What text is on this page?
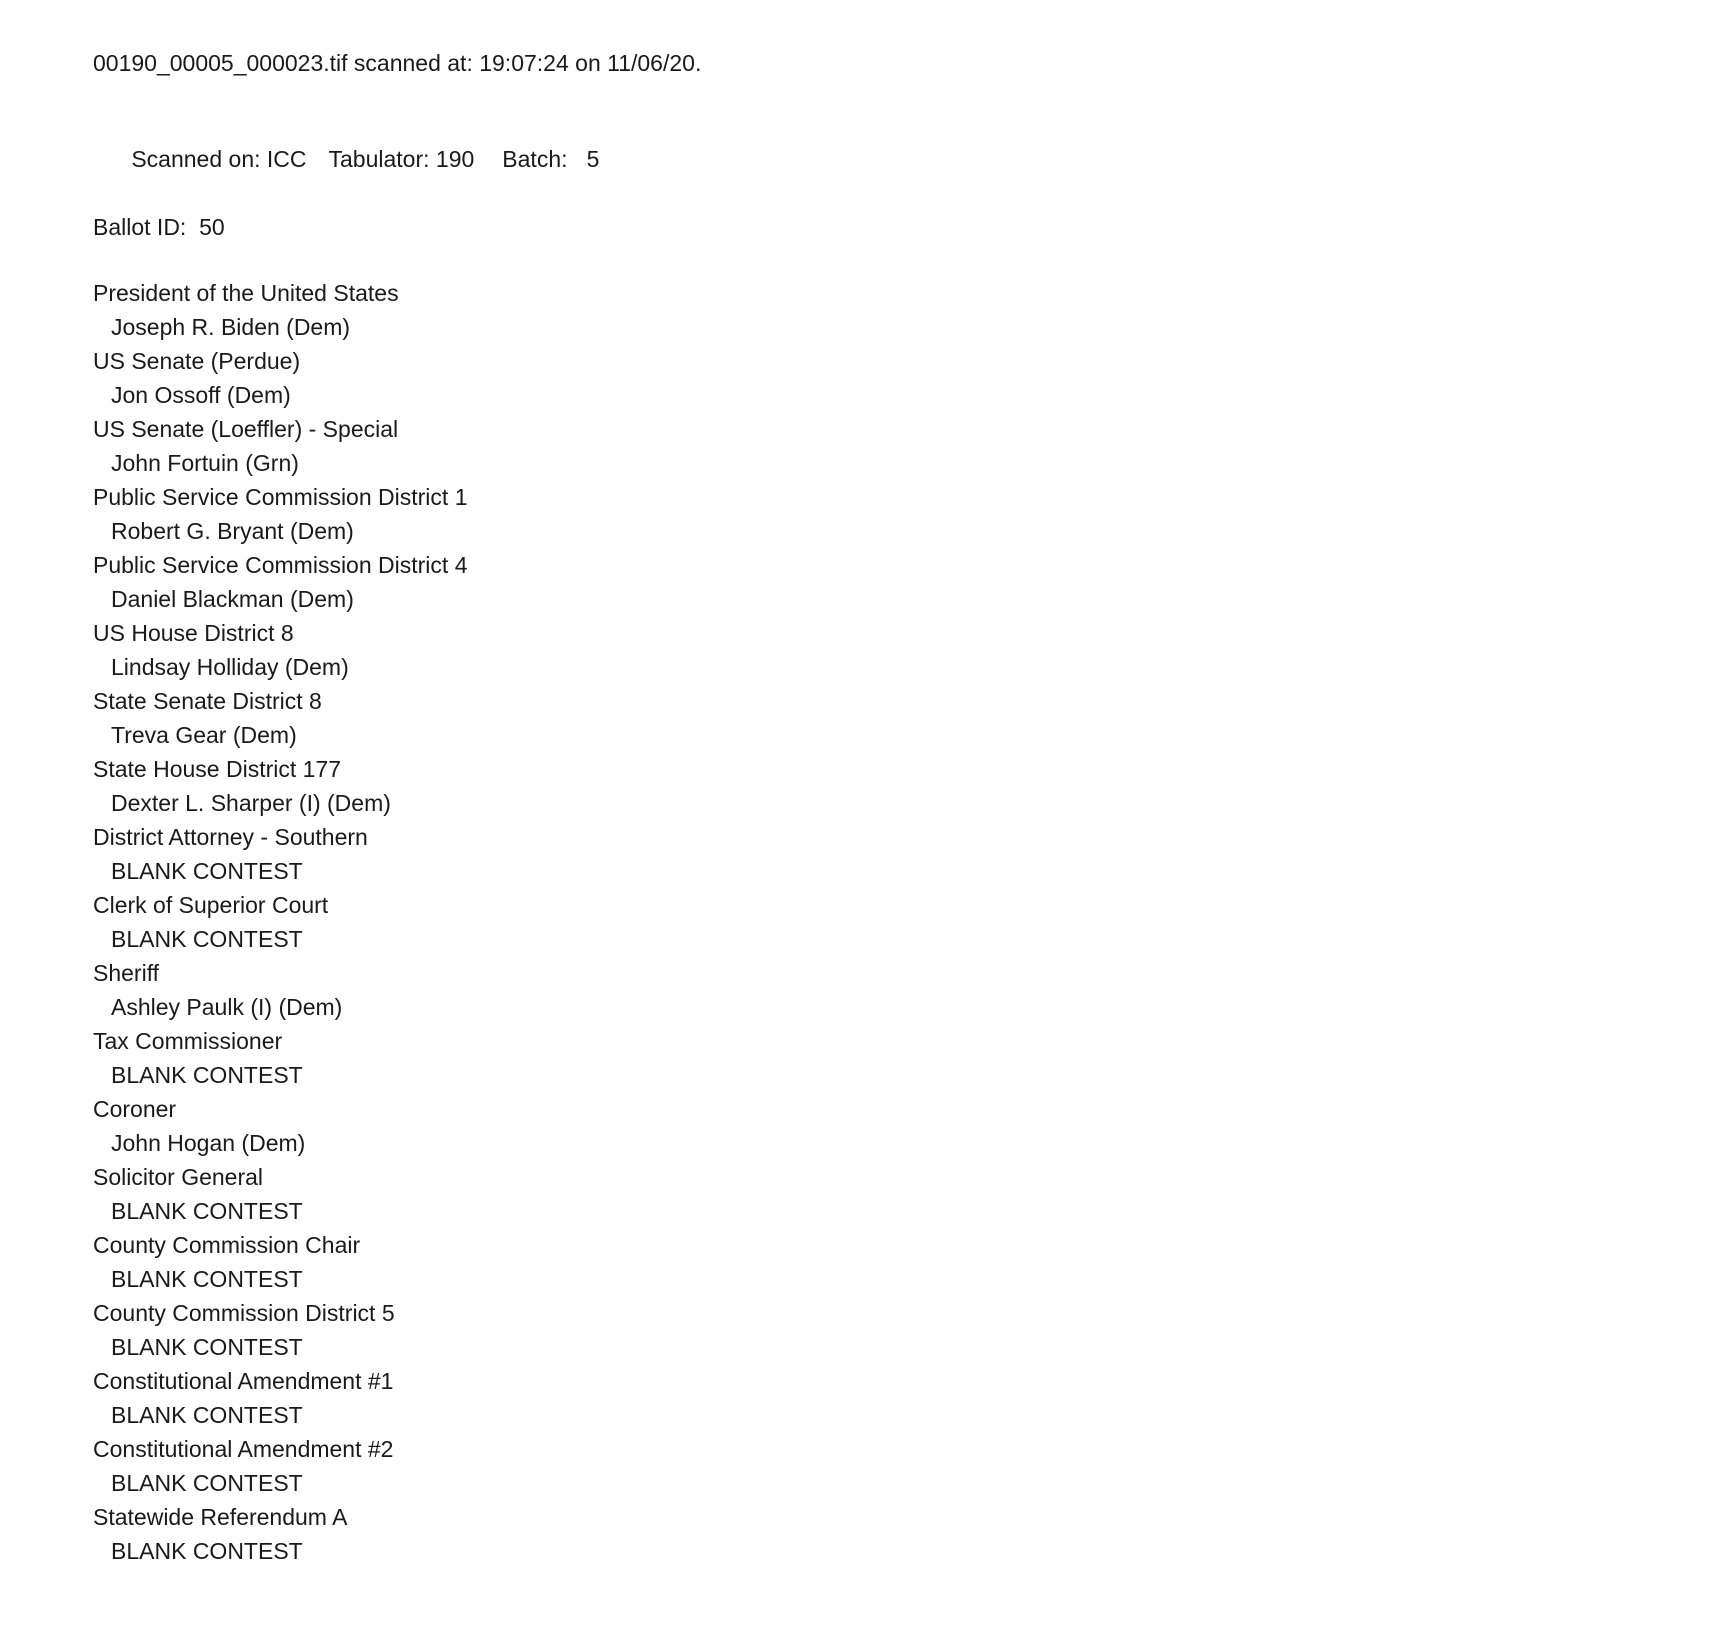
00190_00005_000023.tif scanned at: 19:07:24 on 11/06/20.

Scanned on: ICC Tabulator: 190 Batch:   5

Ballot ID:  50
President of the United States
Joseph R. Biden (Dem)
US Senate (Perdue)
Jon Ossoff (Dem)
US Senate (Loeffler) - Special
John Fortuin (Grn)
Public Service Commission District 1
Robert G. Bryant (Dem)
Public Service Commission District 4
Daniel Blackman (Dem)
US House District 8
Lindsay Holliday (Dem)
State Senate District 8
Treva Gear (Dem)
State House District 177
Dexter L. Sharper (I) (Dem)
District Attorney - Southern
BLANK CONTEST
Clerk of Superior Court
BLANK CONTEST
Sheriff
Ashley Paulk (I) (Dem)
Tax Commissioner
BLANK CONTEST
Coroner
John Hogan (Dem)
Solicitor General
BLANK CONTEST
County Commission Chair
BLANK CONTEST
County Commission District 5
BLANK CONTEST
Constitutional Amendment #1
BLANK CONTEST
Constitutional Amendment #2
BLANK CONTEST
Statewide Referendum A
BLANK CONTEST
